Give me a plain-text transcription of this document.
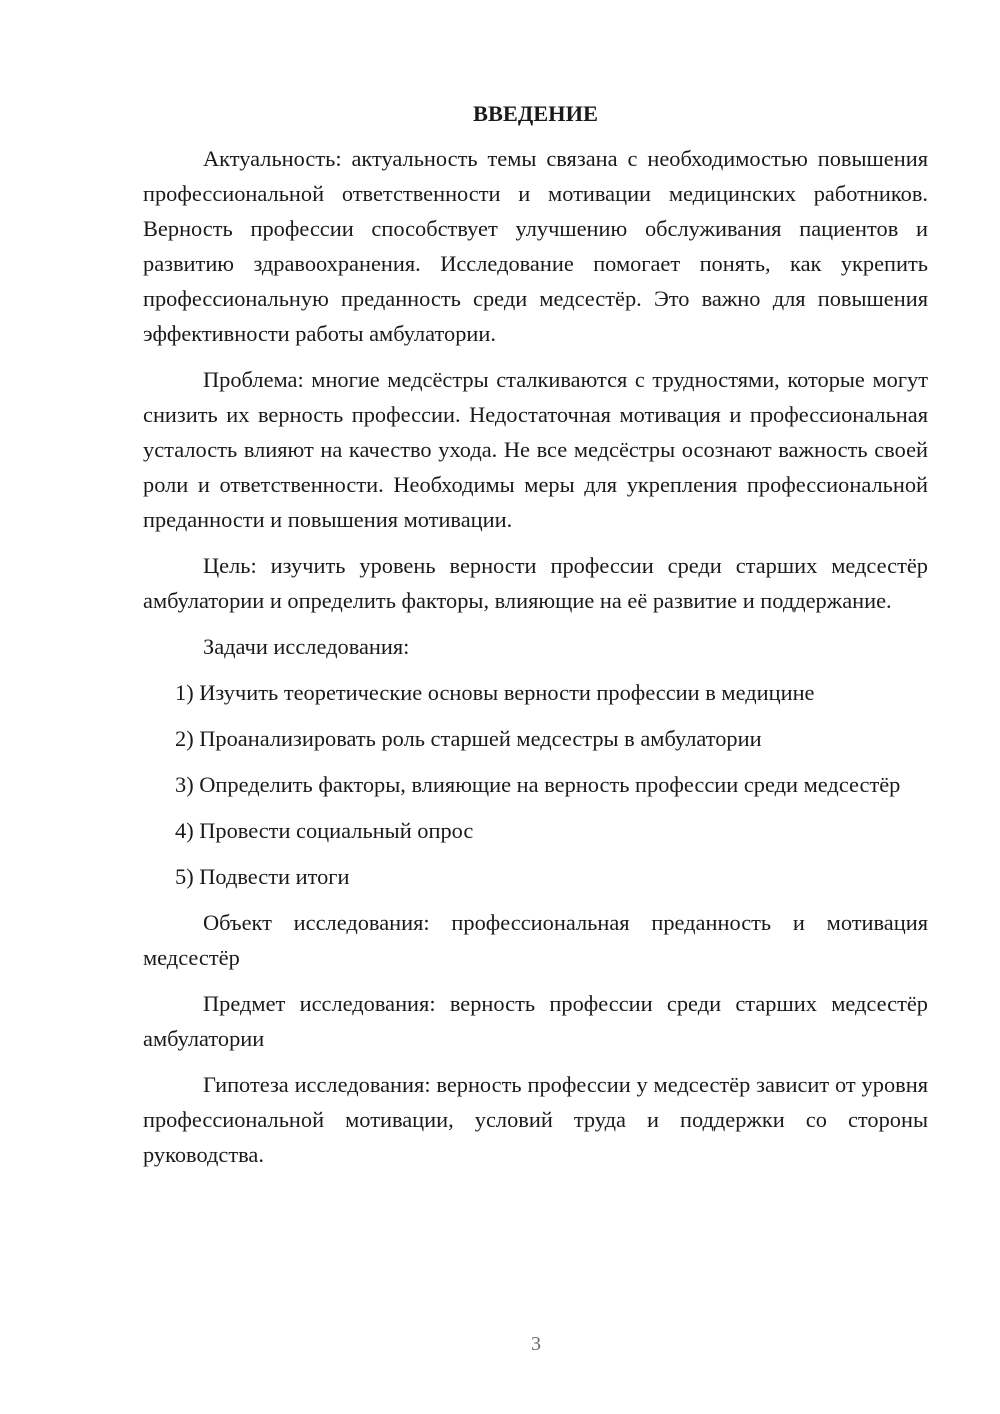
ВВЕДЕНИЕ

Актуальность: актуальность темы связана с необходимостью повышения профессиональной ответственности и мотивации медицинских работников. Верность профессии способствует улучшению обслуживания пациентов и развитию здравоохранения. Исследование помогает понять, как укрепить профессиональную преданность среди медсестёр. Это важно для повышения эффективности работы амбулатории.

Проблема: многие медсёстры сталкиваются с трудностями, которые могут снизить их верность профессии. Недостаточная мотивация и профессиональная усталость влияют на качество ухода. Не все медсёстры осознают важность своей роли и ответственности. Необходимы меры для укрепления профессиональной преданности и повышения мотивации.

Цель: изучить уровень верности профессии среди старших медсестёр амбулатории и определить факторы, влияющие на её развитие и поддержание.

Задачи исследования:

1) Изучить теоретические основы верности профессии в медицине

2) Проанализировать роль старшей медсестры в амбулатории

3) Определить факторы, влияющие на верность профессии среди медсестёр

4) Провести социальный опрос

5) Подвести итоги

Объект исследования: профессиональная преданность и мотивация медсестёр

Предмет исследования: верность профессии среди старших медсестёр амбулатории

Гипотеза исследования: верность профессии у медсестёр зависит от уровня профессиональной мотивации, условий труда и поддержки со стороны руководства.

3
